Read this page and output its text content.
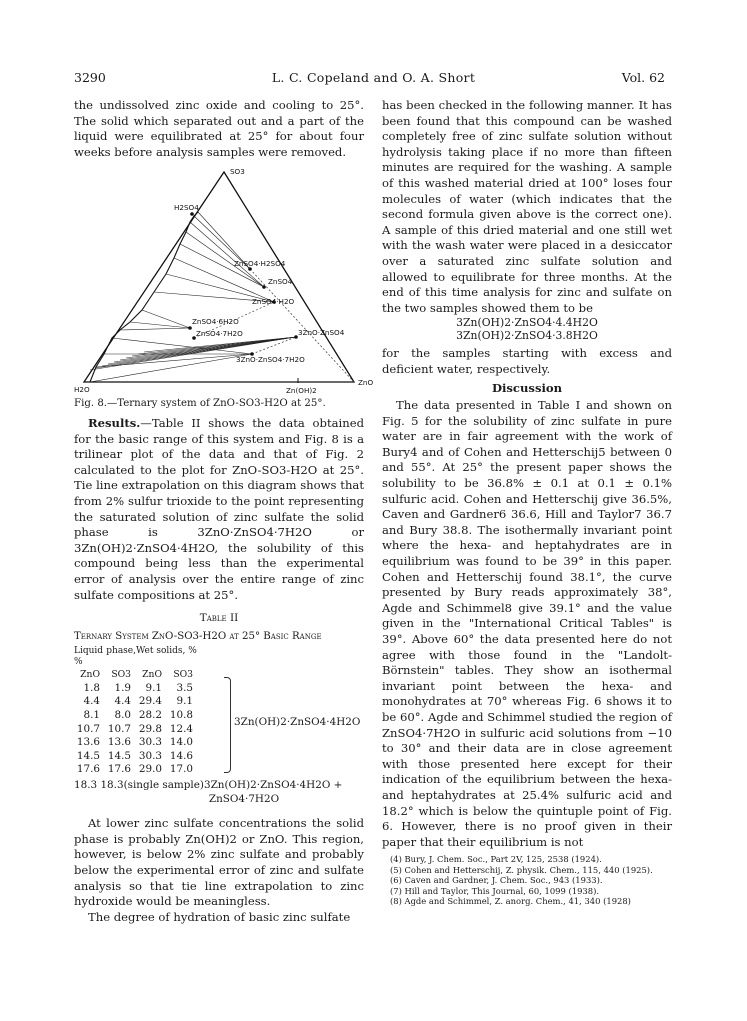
3290	L. C. Copeland and O. A. Short	Vol. 62

the undissolved zinc oxide and cooling to 25°. The solid which separated out and a part of the liquid were equilibrated at 25° for about four weeks before analysis samples were removed.

SO3
H2O
ZnO
H2SO4
ZnSO4·H2SO4
ZnSO4
ZnSO4·H2O
ZnSO4·6H2O
ZnSO4·7H2O	3ZnO·ZnSO4
3ZnO·ZnSO4·7H2O
Zn(OH)2
Fig. 8.—Ternary system of ZnO-SO3-H2O at 25°.

Results.—Table II shows the data obtained for the basic range of this system and Fig. 8 is a trilinear plot of the data and that of Fig. 2 calculated to the plot for ZnO-SO3-H2O at 25°. Tie line extrapolation on this diagram shows that from 2% sulfur trioxide to the point representing the saturated solution of zinc sulfate the solid phase is 3ZnO·ZnSO4·7H2O or 3Zn(OH)2·ZnSO4·4H2O, the solubility of this compound being less than the experimental error of analysis over the entire range of zinc sulfate compositions at 25°.

Table II
Ternary System ZnO-SO3-H2O at 25° Basic Range
Liquid phase, %
Wet solids, %
ZnO	SO3	ZnO	SO3
1.8	1.9	9.1	3.5
4.4	4.4 29.4	9.1
8.1	8.0 28.2 10.8
10.7 10.7 29.8 12.4
13.6 13.6 30.3 14.0
14.5 14.5 30.3 14.6
17.6 17.6 29.0 17.0
3Zn(OH)2·ZnSO4·4H2O
18.3 18.3(single sample)3Zn(OH)2·ZnSO4·4H2O +
ZnSO4·7H2O

At lower zinc sulfate concentrations the solid phase is probably Zn(OH)2 or ZnO. This region, however, is below 2% zinc sulfate and probably below the experimental error of zinc and sulfate analysis so that tie line extrapolation to zinc hydroxide would be meaningless.

The degree of hydration of basic zinc sulfate

has been checked in the following manner. It has been found that this compound can be washed completely free of zinc sulfate solution without hydrolysis taking place if no more than fifteen minutes are required for the washing. A sample of this washed material dried at 100° loses four molecules of water (which indicates that the second formula given above is the correct one). A sample of this dried material and one still wet with the wash water were placed in a desiccator over a saturated zinc sulfate solution and allowed to equilibrate for three months. At the end of this time analysis for zinc and sulfate on the two samples showed them to be

3Zn(OH)2·ZnSO4·4.4H2O
3Zn(OH)2·ZnSO4·3.8H2O

for the samples starting with excess and deficient water, respectively.

Discussion

The data presented in Table I and shown on Fig. 5 for the solubility of zinc sulfate in pure water are in fair agreement with the work of Bury4 and of Cohen and Hetterschij5 between 0 and 55°. At 25° the present paper shows the solubility to be 36.8% ± 0.1 at 0.1 ± 0.1% sulfuric acid. Cohen and Hetterschij give 36.5%, Caven and Gardner6 36.6, Hill and Taylor7 36.7 and Bury 38.8. The isothermally invariant point where the hexa- and heptahydrates are in equilibrium was found to be 39° in this paper. Cohen and Hetterschij found 38.1°, the curve presented by Bury reads approximately 38°, Agde and Schimmel8 give 39.1° and the value given in the "International Critical Tables" is 39°. Above 60° the data presented here do not agree with those found in the "Landolt-Börnstein" tables. They show an isothermal invariant point between the hexa- and monohydrates at 70° whereas Fig. 6 shows it to be 60°. Agde and Schimmel studied the region of ZnSO4·7H2O in sulfuric acid solutions from −10 to 30° and their data are in close agreement with those presented here except for their indication of the equilibrium between the hexa- and heptahydrates at 25.4% sulfuric acid and 18.2° which is below the quintuple point of Fig. 6. However, there is no proof given in their paper that their equilibrium is not

(4) Bury, J. Chem. Soc., Part 2V, 125, 2538 (1924).
(5) Cohen and Hetterschij, Z. physik. Chem., 115, 440 (1925).
(6) Caven and Gardner, J. Chem. Soc., 943 (1933).
(7) Hill and Taylor, This Journal, 60, 1099 (1938).
(8) Agde and Schimmel, Z. anorg. Chem., 41, 340 (1928)
